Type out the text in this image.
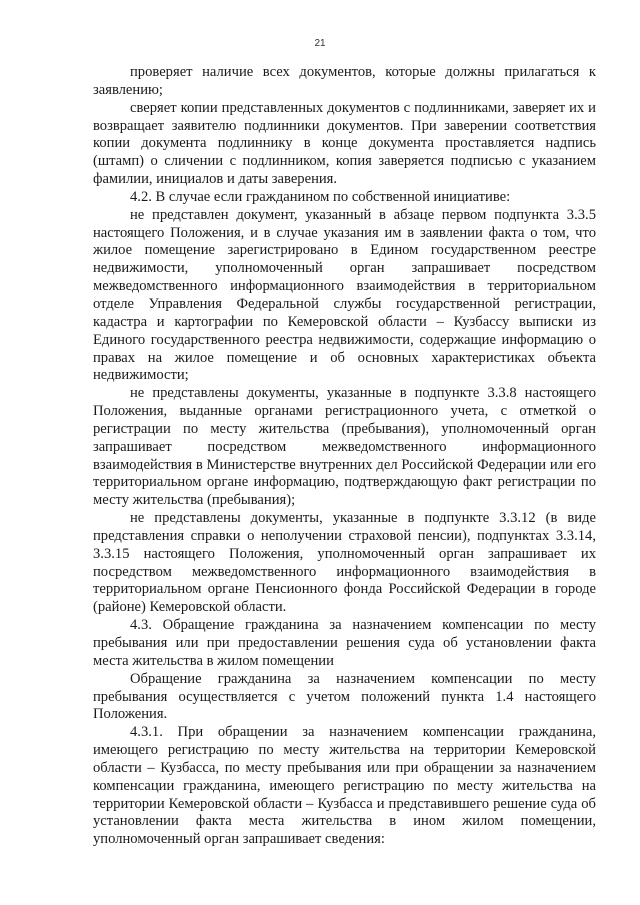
21

проверяет наличие всех документов, которые должны прилагаться к заявлению;

сверяет копии представленных документов с подлинниками, заверяет их и возвращает заявителю подлинники документов. При заверении соответствия копии документа подлиннику в конце документа проставляется надпись (штамп) о сличении с подлинником, копия заверяется подписью с указанием фамилии, инициалов и даты заверения.

4.2. В случае если гражданином по собственной инициативе:

не представлен документ, указанный в абзаце первом подпункта 3.3.5 настоящего Положения, и в случае указания им в заявлении факта о том, что жилое помещение зарегистрировано в Едином государственном реестре недвижимости, уполномоченный орган запрашивает посредством межведомственного информационного взаимодействия в территориальном отделе Управления Федеральной службы государственной регистрации, кадастра и картографии по Кемеровской области – Кузбассу выписки из Единого государственного реестра недвижимости, содержащие информацию о правах на жилое помещение и об основных характеристиках объекта недвижимости;

не представлены документы, указанные в подпункте 3.3.8 настоящего Положения, выданные органами регистрационного учета, с отметкой о регистрации по месту жительства (пребывания), уполномоченный орган запрашивает посредством межведомственного информационного взаимодействия в Министерстве внутренних дел Российской Федерации или его территориальном органе информацию, подтверждающую факт регистрации по месту жительства (пребывания);

не представлены документы, указанные в подпункте 3.3.12 (в виде представления справки о неполучении страховой пенсии), подпунктах 3.3.14, 3.3.15 настоящего Положения, уполномоченный орган запрашивает их посредством межведомственного информационного взаимодействия в территориальном органе Пенсионного фонда Российской Федерации в городе (районе) Кемеровской области.

4.3. Обращение гражданина за назначением компенсации по месту пребывания или при предоставлении решения суда об установлении факта места жительства в жилом помещении

Обращение гражданина за назначением компенсации по месту пребывания осуществляется с учетом положений пункта 1.4 настоящего Положения.

4.3.1. При обращении за назначением компенсации гражданина, имеющего регистрацию по месту жительства на территории Кемеровской области – Кузбасса, по месту пребывания или при обращении за назначением компенсации гражданина, имеющего регистрацию по месту жительства на территории Кемеровской области – Кузбасса и представившего решение суда об установлении факта места жительства в ином жилом помещении, уполномоченный орган запрашивает сведения:
